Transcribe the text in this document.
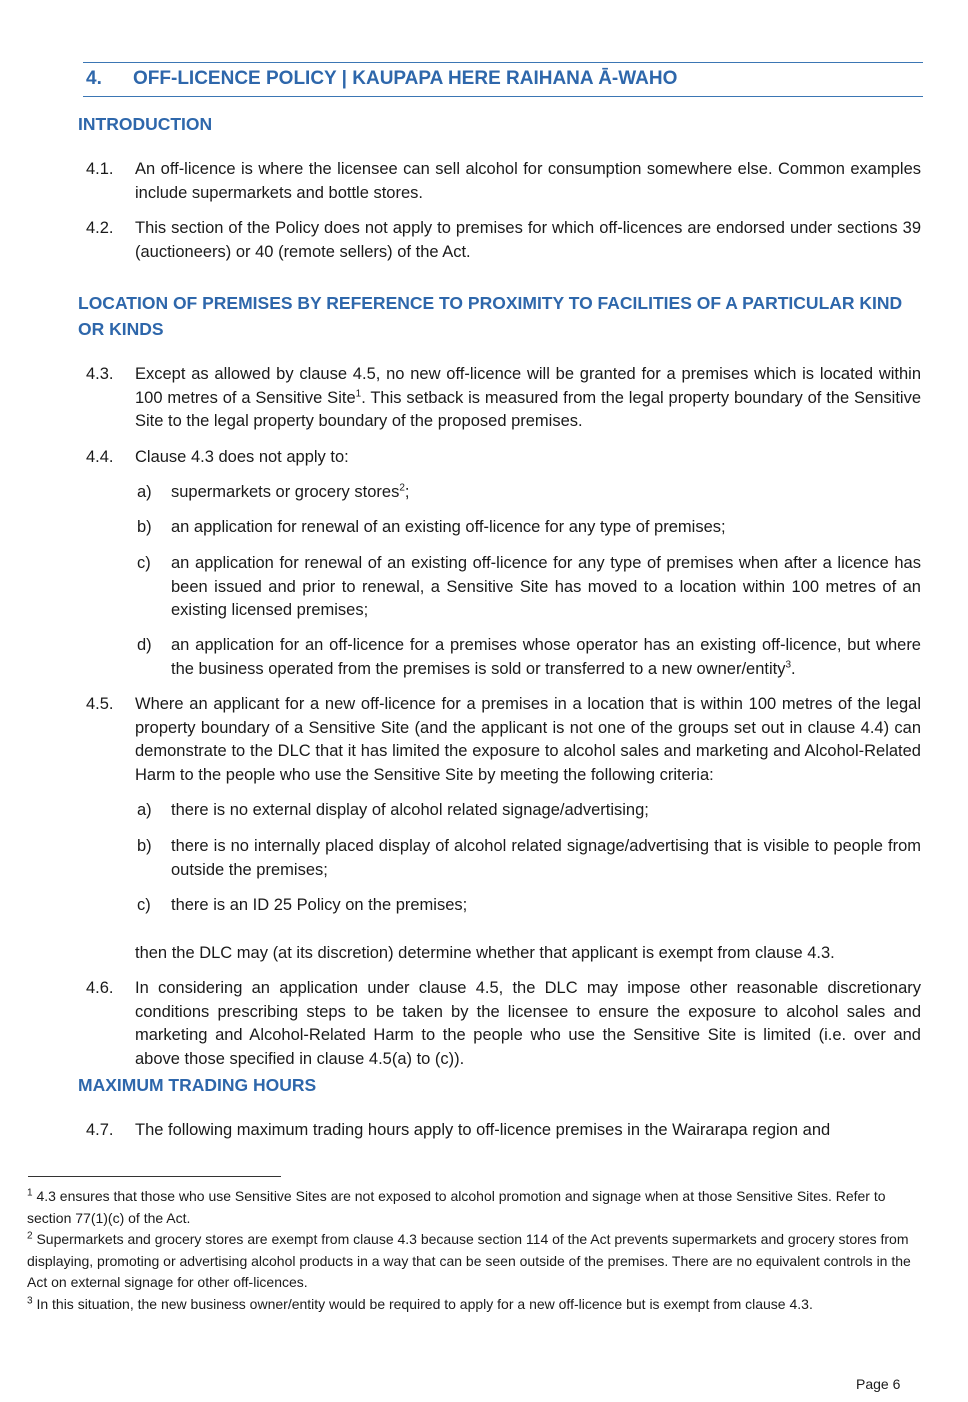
4. OFF-LICENCE POLICY | KAUPAPA HERE RAIHANA Ā-WAHO
INTRODUCTION
4.1. An off-licence is where the licensee can sell alcohol for consumption somewhere else. Common examples include supermarkets and bottle stores.
4.2. This section of the Policy does not apply to premises for which off-licences are endorsed under sections 39 (auctioneers) or 40 (remote sellers) of the Act.
LOCATION OF PREMISES BY REFERENCE TO PROXIMITY TO FACILITIES OF A PARTICULAR KIND OR KINDS
4.3. Except as allowed by clause 4.5, no new off-licence will be granted for a premises which is located within 100 metres of a Sensitive Site$^1$. This setback is measured from the legal property boundary of the Sensitive Site to the legal property boundary of the proposed premises.
4.4. Clause 4.3 does not apply to:
a) supermarkets or grocery stores$^2$;
b) an application for renewal of an existing off-licence for any type of premises;
c) an application for renewal of an existing off-licence for any type of premises when after a licence has been issued and prior to renewal, a Sensitive Site has moved to a location within 100 metres of an existing licensed premises;
d) an application for an off-licence for a premises whose operator has an existing off-licence, but where the business operated from the premises is sold or transferred to a new owner/entity$^3$.
4.5. Where an applicant for a new off-licence for a premises in a location that is within 100 metres of the legal property boundary of a Sensitive Site (and the applicant is not one of the groups set out in clause 4.4) can demonstrate to the DLC that it has limited the exposure to alcohol sales and marketing and Alcohol-Related Harm to the people who use the Sensitive Site by meeting the following criteria:
a) there is no external display of alcohol related signage/advertising;
b) there is no internally placed display of alcohol related signage/advertising that is visible to people from outside the premises;
c) there is an ID 25 Policy on the premises;
then the DLC may (at its discretion) determine whether that applicant is exempt from clause 4.3.
4.6. In considering an application under clause 4.5, the DLC may impose other reasonable discretionary conditions prescribing steps to be taken by the licensee to ensure the exposure to alcohol sales and marketing and Alcohol-Related Harm to the people who use the Sensitive Site is limited (i.e. over and above those specified in clause 4.5(a) to (c)).
MAXIMUM TRADING HOURS
4.7. The following maximum trading hours apply to off-licence premises in the Wairarapa region and
$^1$ 4.3 ensures that those who use Sensitive Sites are not exposed to alcohol promotion and signage when at those Sensitive Sites. Refer to section 77(1)(c) of the Act.
$^2$ Supermarkets and grocery stores are exempt from clause 4.3 because section 114 of the Act prevents supermarkets and grocery stores from displaying, promoting or advertising alcohol products in a way that can be seen outside of the premises. There are no equivalent controls in the Act on external signage for other off-licences.
$^3$ In this situation, the new business owner/entity would be required to apply for a new off-licence but is exempt from clause 4.3.
Page 6
